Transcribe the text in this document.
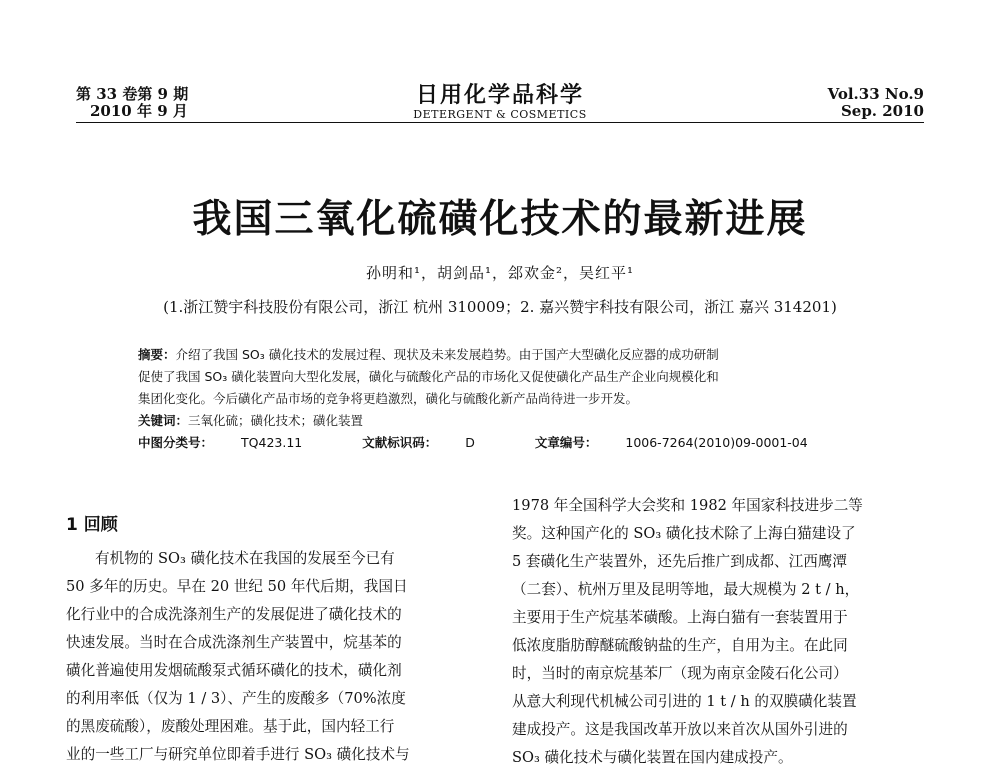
第 33 卷第 9 期
2010 年 9 月
日用化学品科学
DETERGENT & COSMETICS
Vol.33 No.9
Sep. 2010
我国三氧化硫磺化技术的最新进展
孙明和¹，胡剑品¹，郐欢金²，吴红平¹
(1.浙江赞宇科技股份有限公司，浙江 杭州 310009；2. 嘉兴赞宇科技有限公司，浙江 嘉兴 314201)
摘要：介绍了我国 SO₃ 磺化技术的发展过程、现状及未来发展趋势。由于国产大型磺化反应器的成功研制
促使了我国 SO₃ 磺化装置向大型化发展，磺化与硫酸化产品的市场化又促使磺化产品生产企业向规模化和
集团化变化。今后磺化产品市场的竞争将更趋激烈，磺化与硫酸化新产品尚待进一步开发。
关键词：三氧化硫；磺化技术；磺化装置
中图分类号： TQ423.11	文献标识码： D	文章编号： 1006-7264(2010)09-0001-04
1 回顾
有机物的 SO₃ 磺化技术在我国的发展至今已有
50 多年的历史。早在 20 世纪 50 年代后期，我国日
化行业中的合成洗涤剂生产的发展促进了磺化技术的
快速发展。当时在合成洗涤剂生产装置中，烷基苯的
磺化普遍使用发烟硫酸泵式循环磺化的技术，磺化剂
的利用率低（仅为 1 / 3）、产生的废酸多（70%浓度
的黑废硫酸），废酸处理困难。基于此，国内轻工行
业的一些工厂与研究单位即着手进行 SO₃ 磺化技术与
1978 年全国科学大会奖和 1982 年国家科技进步二等
奖。这种国产化的 SO₃ 磺化技术除了上海白猫建设了
5 套磺化生产装置外，还先后推广到成都、江西鹰潭
（二套）、杭州万里及昆明等地，最大规模为 2 t / h，
主要用于生产烷基苯磺酸。上海白猫有一套装置用于
低浓度脂肪醇醚硫酸钠盐的生产，自用为主。在此同
时，当时的南京烷基苯厂（现为南京金陵石化公司）
从意大利现代机械公司引进的 1 t / h 的双膜磺化装置
建成投产。这是我国改革开放以来首次从国外引进的
SO₃ 磺化技术与磺化装置在国内建成投产。
